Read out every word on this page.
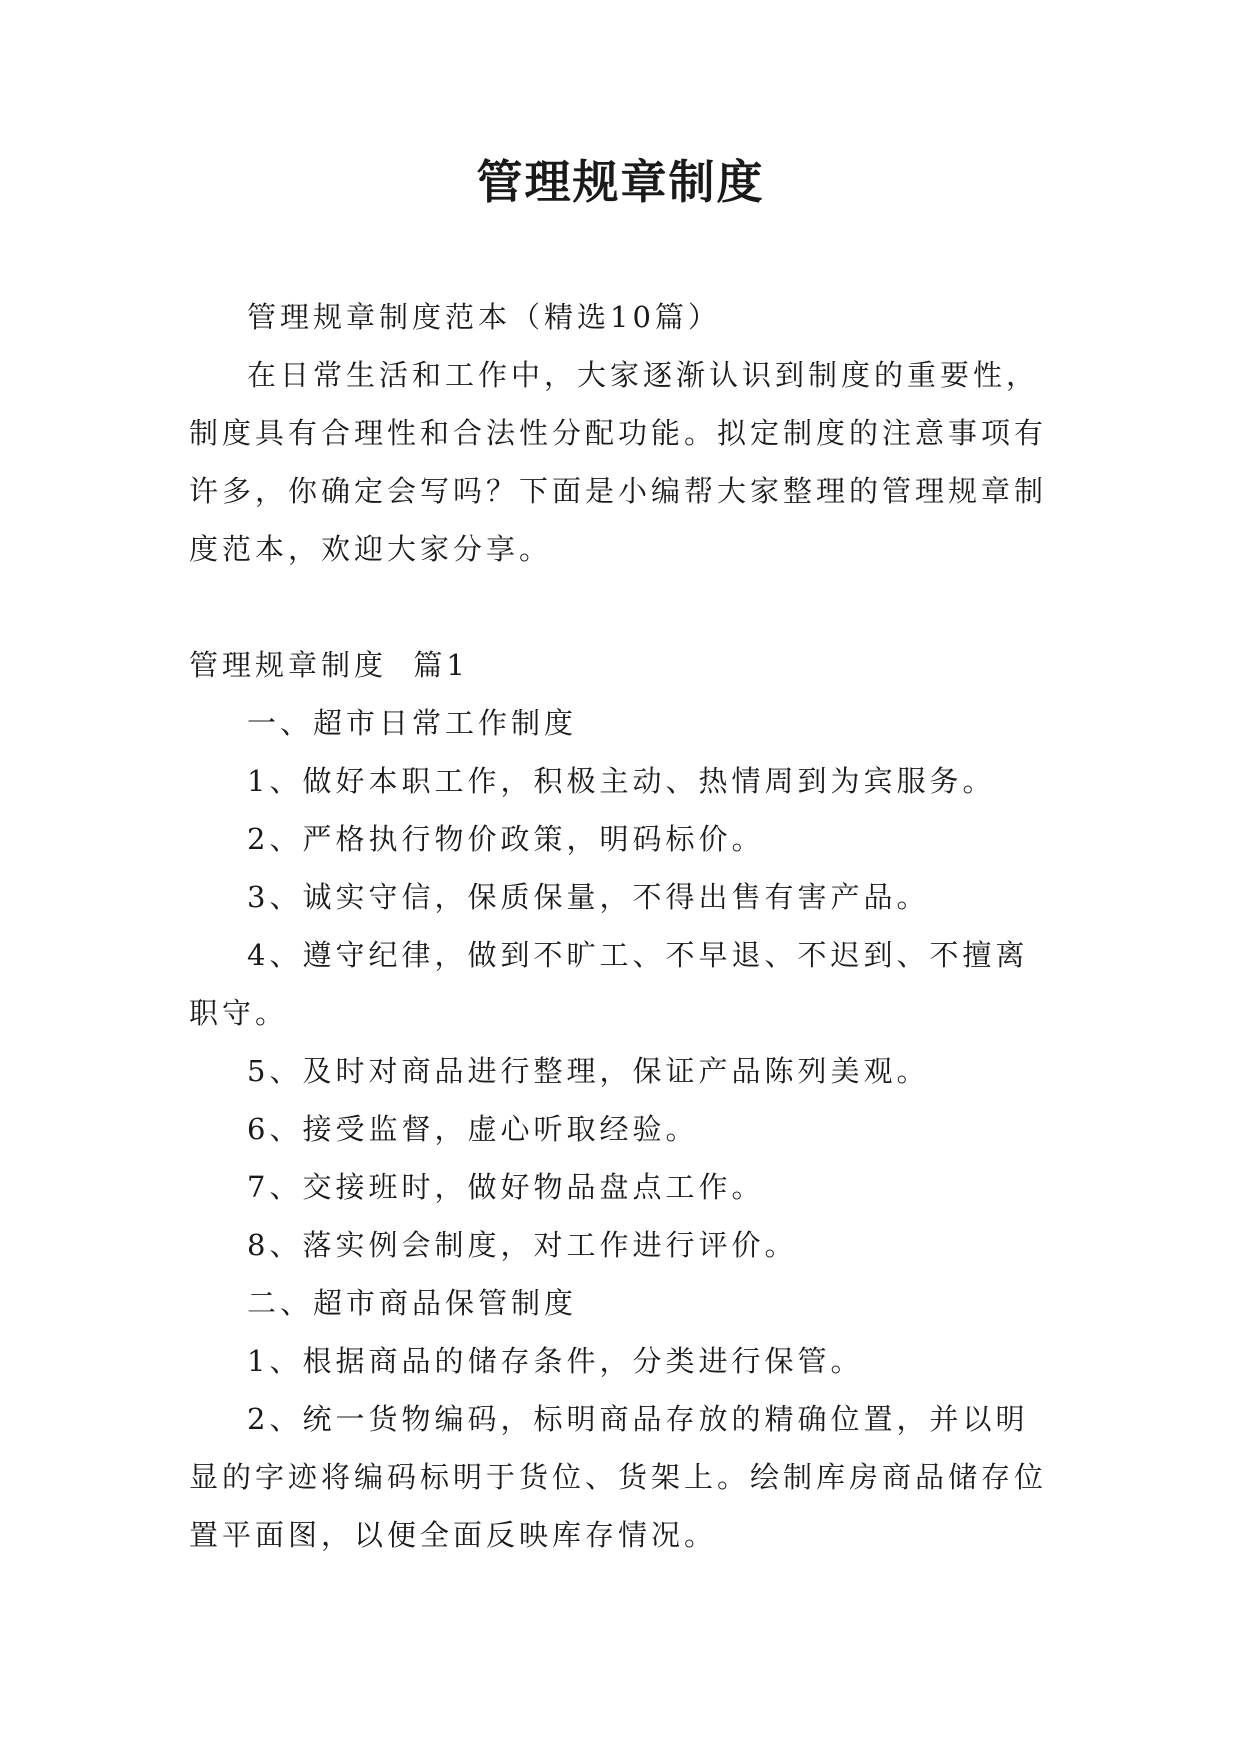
管理规章制度

管理规章制度范本（精选10篇）

在日常生活和工作中，大家逐渐认识到制度的重要性，制度具有合理性和合法性分配功能。拟定制度的注意事项有许多，你确定会写吗？下面是小编帮大家整理的管理规章制度范本，欢迎大家分享。

管理规章制度  篇1

一、超市日常工作制度

1、做好本职工作，积极主动、热情周到为宾服务。

2、严格执行物价政策，明码标价。

3、诚实守信，保质保量，不得出售有害产品。

4、遵守纪律，做到不旷工、不早退、不迟到、不擅离职守。

5、及时对商品进行整理，保证产品陈列美观。

6、接受监督，虚心听取经验。

7、交接班时，做好物品盘点工作。

8、落实例会制度，对工作进行评价。

二、超市商品保管制度

1、根据商品的储存条件，分类进行保管。

2、统一货物编码，标明商品存放的精确位置，并以明显的字迹将编码标明于货位、货架上。绘制库房商品储存位置平面图，以便全面反映库存情况。
